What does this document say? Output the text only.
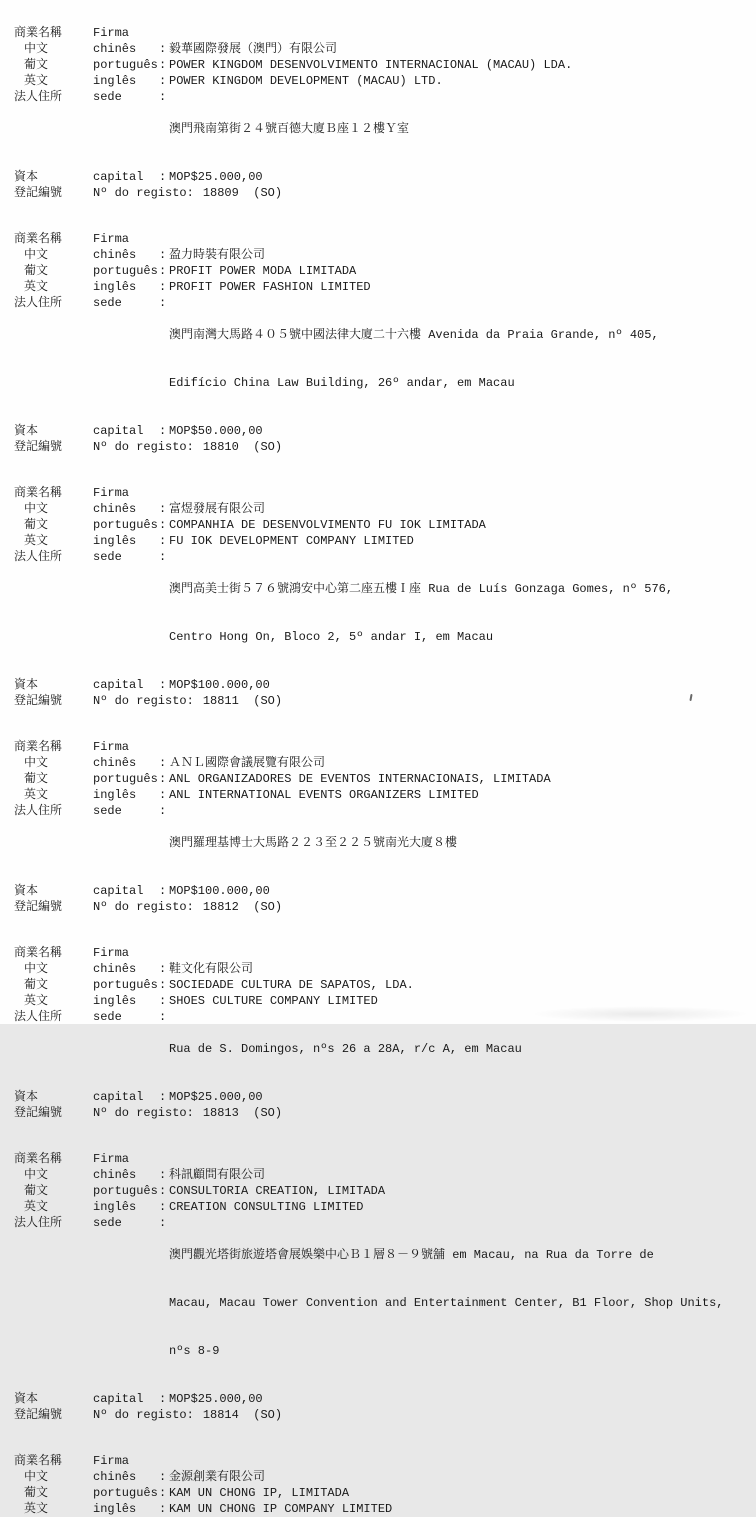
商業名稱	Firma
中文	chinês	: 毅華國際發展（澳門）有限公司
葡文	português : POWER KINGDOM DESENVOLVIMENTO INTERNACIONAL (MACAU) LDA.
英文	inglês	: POWER KINGDOM DEVELOPMENT (MACAU) LTD.
法人住所	sede	:

澳門飛南第街２４號百德大廈Ｂ座１２樓Ｙ室

資本	capital	: MOP$25.000,00
登記編號	Nº do registo: 18809  (SO)
商業名稱	Firma
中文	chinês	: 盈力時裝有限公司
葡文	português : PROFIT POWER MODA LIMITADA
英文	inglês	: PROFIT POWER FASHION LIMITED
法人住所	sede	:

澳門南灣大馬路４０５號中國法律大廈二十六樓 Avenida da Praia Grande, nº 405,

Edifício China Law Building, 26º andar, em Macau

資本	capital	: MOP$50.000,00
登記編號	Nº do registo: 18810  (SO)
商業名稱	Firma
中文	chinês	: 富煜發展有限公司
葡文	português : COMPANHIA DE DESENVOLVIMENTO FU IOK LIMITADA
英文	inglês	: FU IOK DEVELOPMENT COMPANY LIMITED
法人住所	sede	:

澳門高美士街５７６號鴻安中心第二座五樓Ｉ座 Rua de Luís Gonzaga Gomes, nº 576,

Centro Hong On, Bloco 2, 5º andar I, em Macau

資本	capital	: MOP$100.000,00
登記編號	Nº do registo: 18811  (SO)
商業名稱	Firma
中文	chinês	: ＡＮＬ國際會議展覽有限公司
葡文	português : ANL ORGANIZADORES DE EVENTOS INTERNACIONAIS, LIMITADA
英文	inglês	: ANL INTERNATIONAL EVENTS ORGANIZERS LIMITED
法人住所	sede	:

澳門羅理基博士大馬路２２３至２２５號南光大廈８樓

資本	capital	: MOP$100.000,00
登記編號	Nº do registo: 18812  (SO)
商業名稱	Firma
中文	chinês	: 鞋文化有限公司
葡文	português : SOCIEDADE CULTURA DE SAPATOS, LDA.
英文	inglês	: SHOES CULTURE COMPANY LIMITED
法人住所	sede	:

Rua de S. Domingos, nºs 26 a 28A, r/c A, em Macau

資本	capital	: MOP$25.000,00
登記編號	Nº do registo: 18813  (SO)
商業名稱	Firma
中文	chinês	: 科訊顧問有限公司
葡文	português : CONSULTORIA CREATION, LIMITADA
英文	inglês	: CREATION CONSULTING LIMITED
法人住所	sede	:

澳門觀光塔街旅遊塔會展娛樂中心Ｂ１層８－９號舖 em Macau, na Rua da Torre de

Macau, Macau Tower Convention and Entertainment Center, B1 Floor, Shop Units,

nºs 8-9

資本	capital	: MOP$25.000,00
登記編號	Nº do registo: 18814  (SO)
商業名稱	Firma
中文	chinês	: 金源創業有限公司
葡文	português : KAM UN CHONG IP, LIMITADA
英文	inglês	: KAM UN CHONG IP COMPANY LIMITED
